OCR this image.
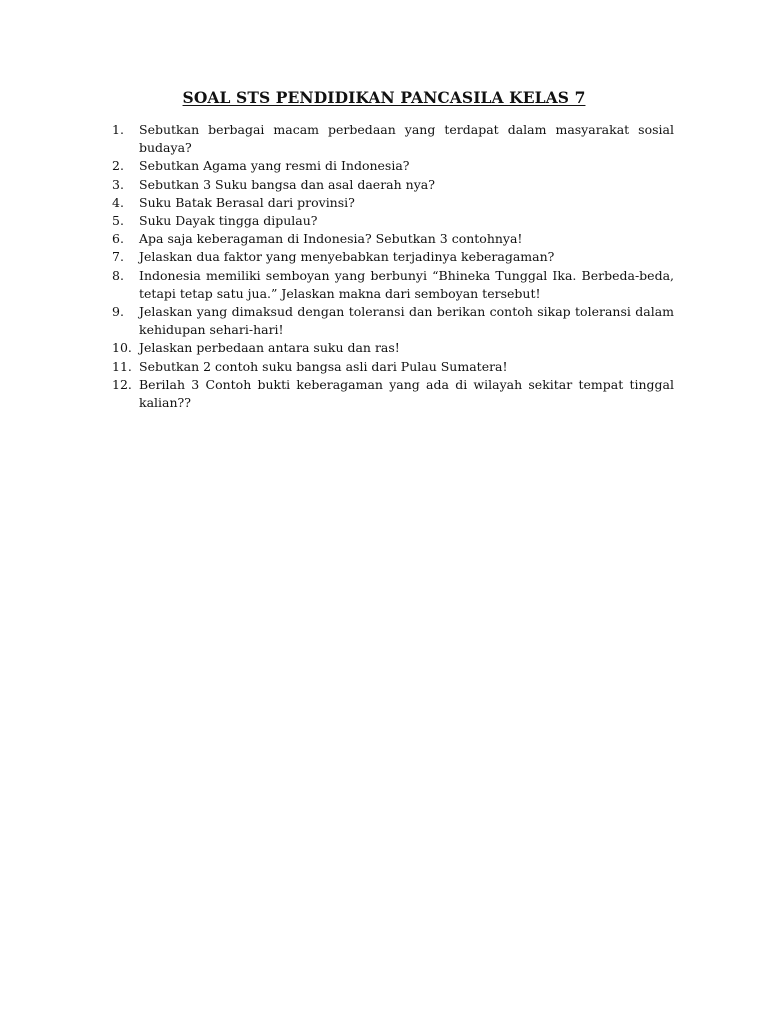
SOAL STS PENDIDIKAN PANCASILA KELAS 7
1.	Sebutkan berbagai macam perbedaan yang terdapat dalam masyarakat sosial budaya?
2.	Sebutkan Agama yang resmi di Indonesia?
3.	Sebutkan 3 Suku bangsa dan asal daerah nya?
4.	Suku Batak Berasal dari provinsi?
5.	Suku Dayak tingga dipulau?
6.	Apa saja keberagaman di Indonesia? Sebutkan 3 contohnya!
7.	Jelaskan dua faktor yang menyebabkan terjadinya keberagaman?
8.	Indonesia memiliki semboyan yang berbunyi “Bhineka Tunggal Ika. Berbeda-beda, tetapi tetap satu jua.” Jelaskan makna dari semboyan tersebut!
9.	Jelaskan yang dimaksud dengan toleransi dan berikan contoh sikap toleransi dalam kehidupan sehari-hari!
10. Jelaskan perbedaan antara suku dan ras!
11. Sebutkan 2 contoh suku bangsa asli dari Pulau Sumatera!
12. Berilah 3 Contoh bukti keberagaman yang ada di wilayah sekitar tempat tinggal kalian??
